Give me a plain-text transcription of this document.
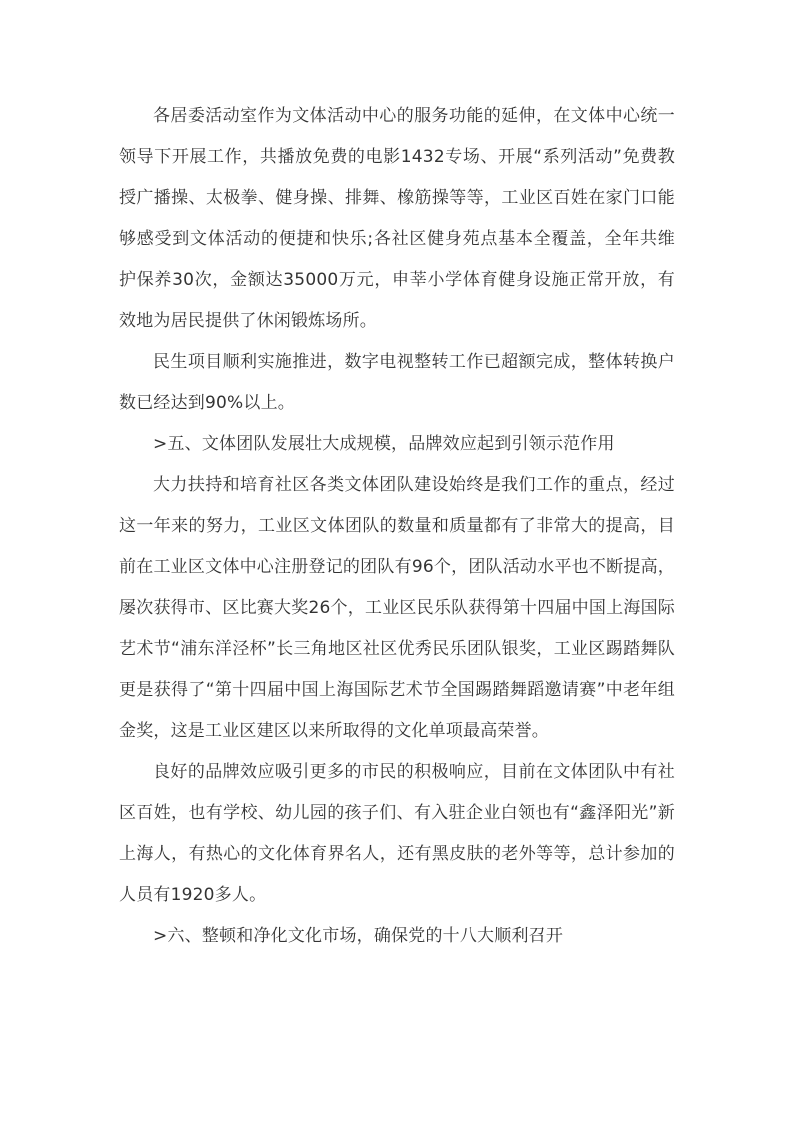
各居委活动室作为文体活动中心的服务功能的延伸，在文体中心统一领导下开展工作，共播放免费的电影1432专场、开展“系列活动”免费教授广播操、太极拳、健身操、排舞、橡筋操等等，工业区百姓在家门口能够感受到文体活动的便捷和快乐;各社区健身苑点基本全覆盖，全年共维护保养30次，金额达35000万元，申莘小学体育健身设施正常开放，有效地为居民提供了休闲锻炼场所。

民生项目顺利实施推进，数字电视整转工作已超额完成，整体转换户数已经达到90%以上。

>五、文体团队发展壮大成规模，品牌效应起到引领示范作用

大力扶持和培育社区各类文体团队建设始终是我们工作的重点，经过这一年来的努力，工业区文体团队的数量和质量都有了非常大的提高，目前在工业区文体中心注册登记的团队有96个，团队活动水平也不断提高，屡次获得市、区比赛大奖26个，工业区民乐队获得第十四届中国上海国际艺术节“浦东洋泾杯”长三角地区社区优秀民乐团队银奖，工业区踢踏舞队更是获得了“第十四届中国上海国际艺术节全国踢踏舞蹈邀请赛”中老年组金奖，这是工业区建区以来所取得的文化单项最高荣誉。

良好的品牌效应吸引更多的市民的积极响应，目前在文体团队中有社区百姓，也有学校、幼儿园的孩子们、有入驻企业白领也有“鑫泽阳光”新上海人，有热心的文化体育界名人，还有黑皮肤的老外等等，总计参加的人员有1920多人。

>六、整顿和净化文化市场，确保党的十八大顺利召开
